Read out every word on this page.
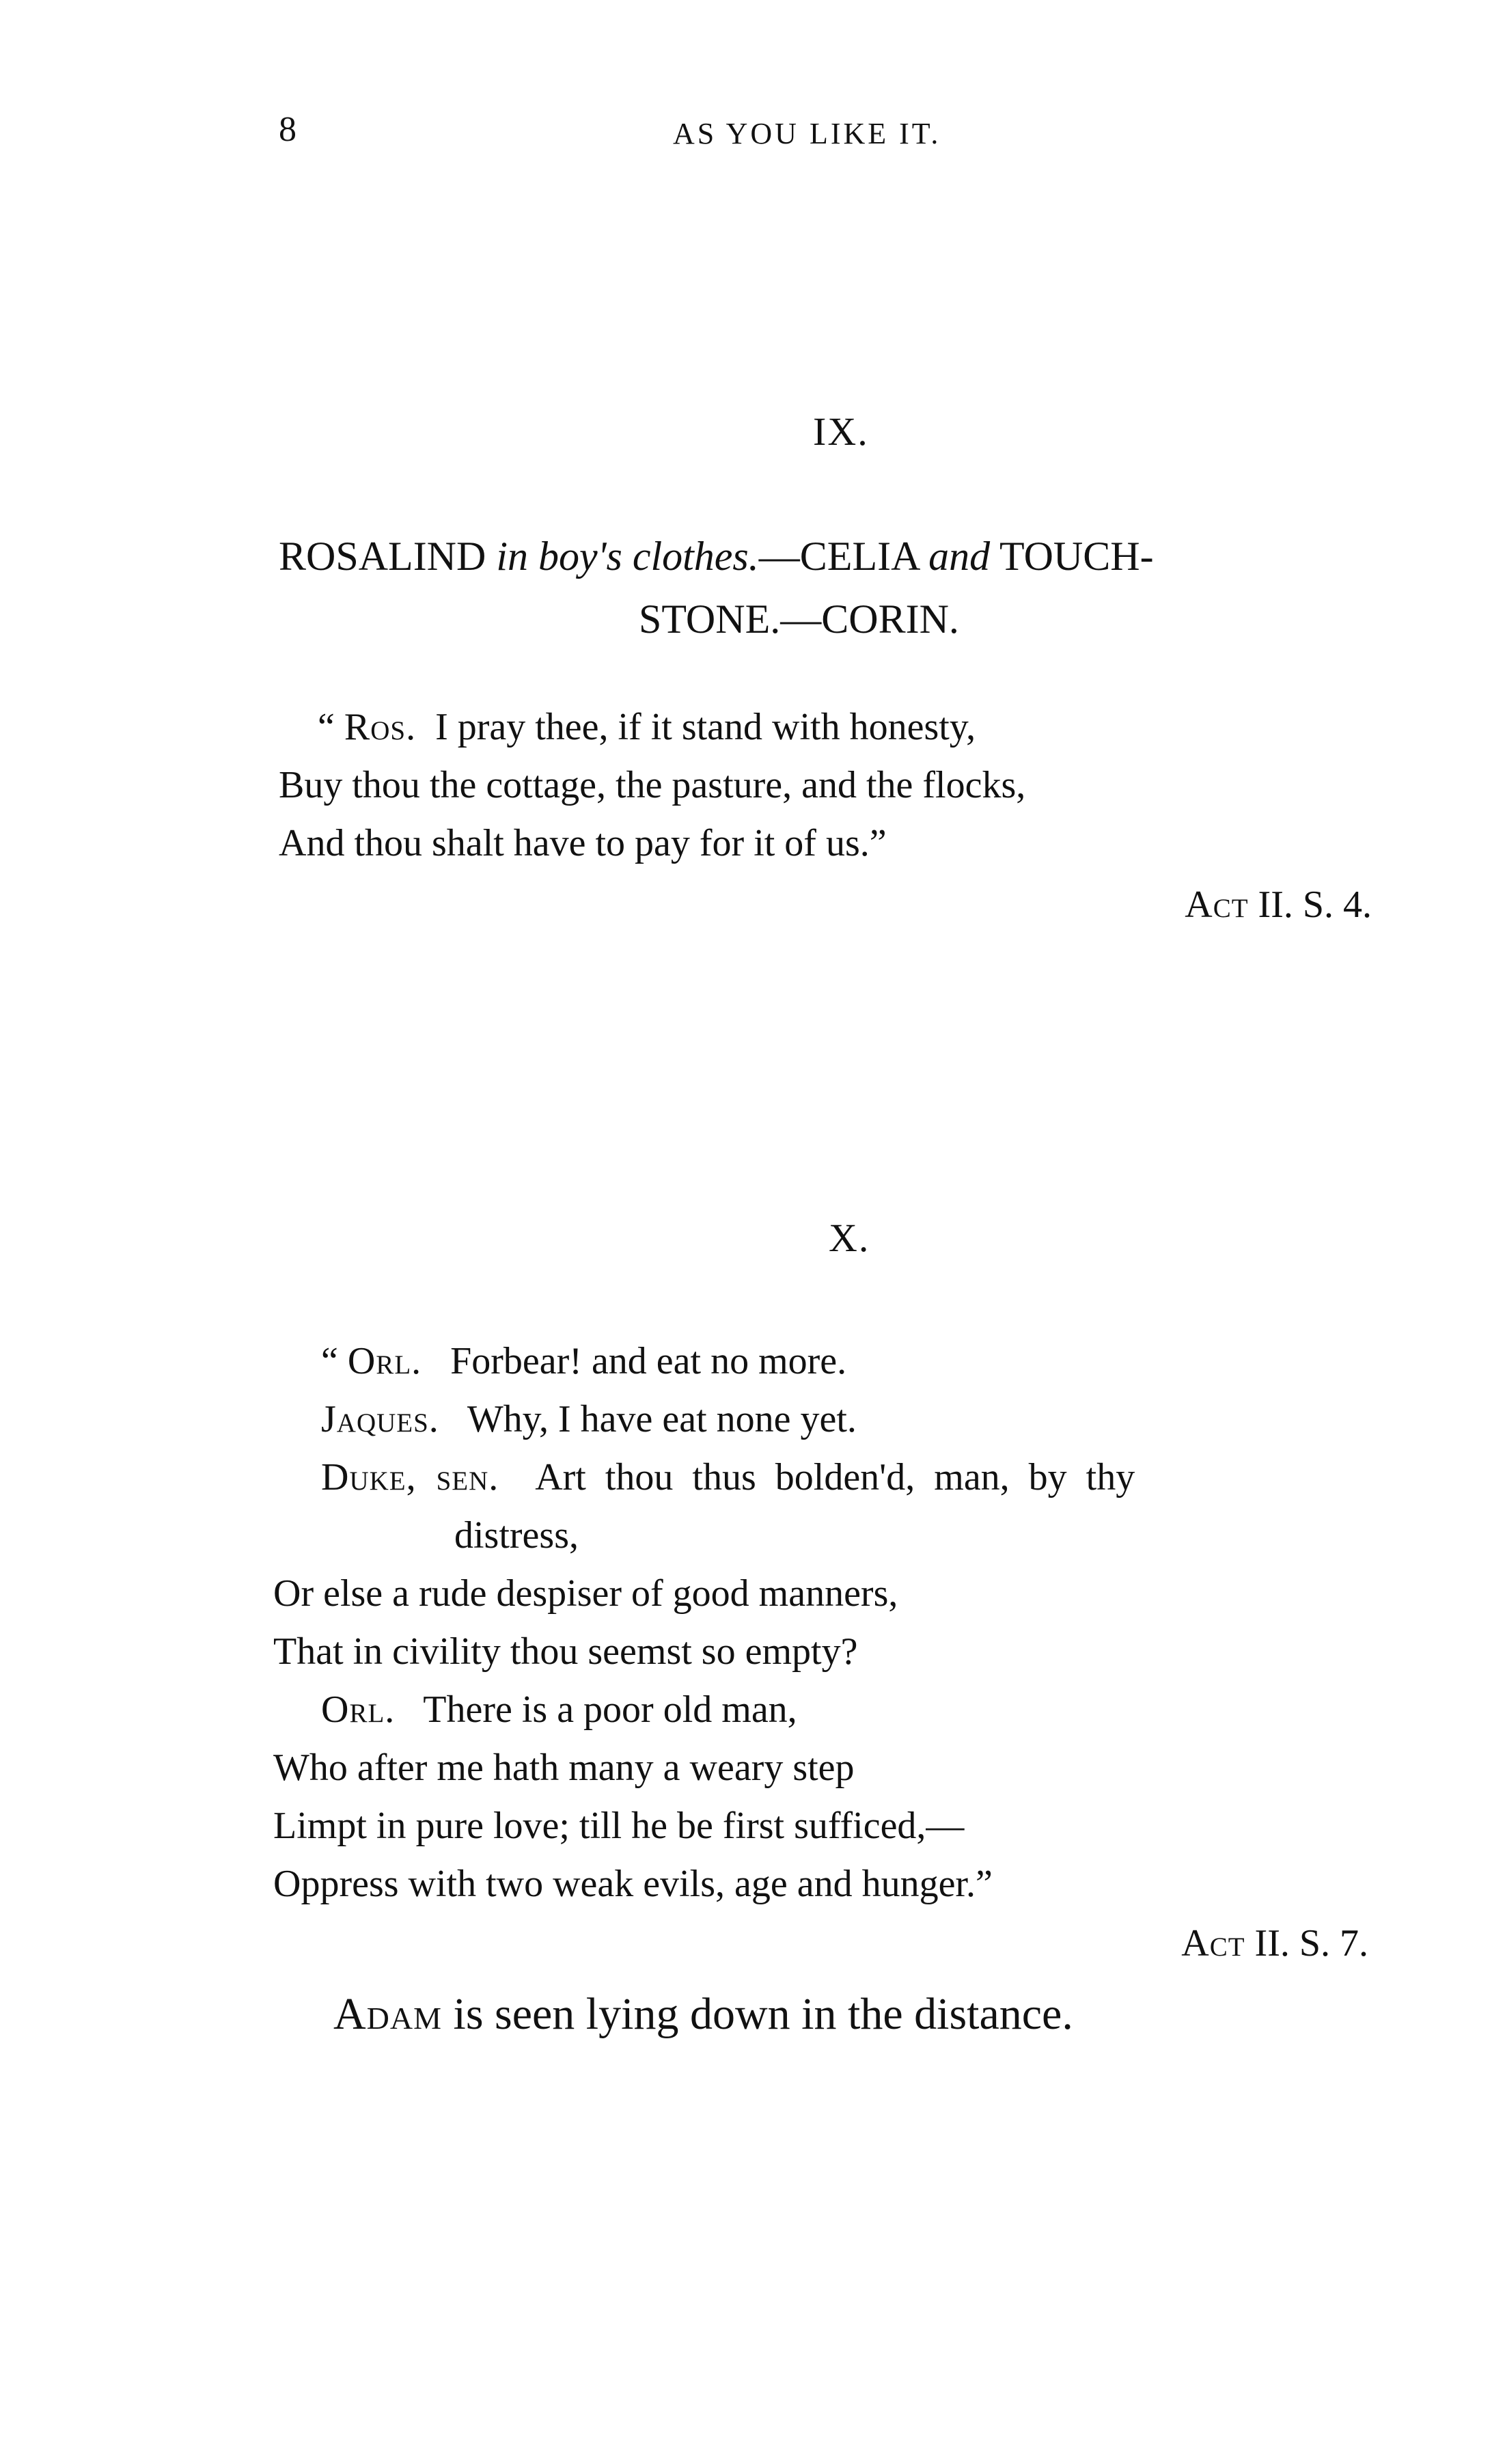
8	AS YOU LIKE IT.
IX.
ROSALIND in boy's clothes.—CELIA and TOUCH-
STONE.—CORIN.
“ Ros. I pray thee, if it stand with honesty,
Buy thou the cottage, the pasture, and the flocks,
And thou shalt have to pay for it of us.”
Act II. S. 4.
X.
“ Orl. Forbear! and eat no more.
Jaques. Why, I have eat none yet.
Duke, sen. Art thou thus bolden'd, man, by thy
distress,
Or else a rude despiser of good manners,
That in civility thou seemst so empty?
Orl. There is a poor old man,
Who after me hath many a weary step
Limpt in pure love; till he be first sufficed,—
Oppress with two weak evils, age and hunger.”
Act II. S. 7.
Adam is seen lying down in the distance.
